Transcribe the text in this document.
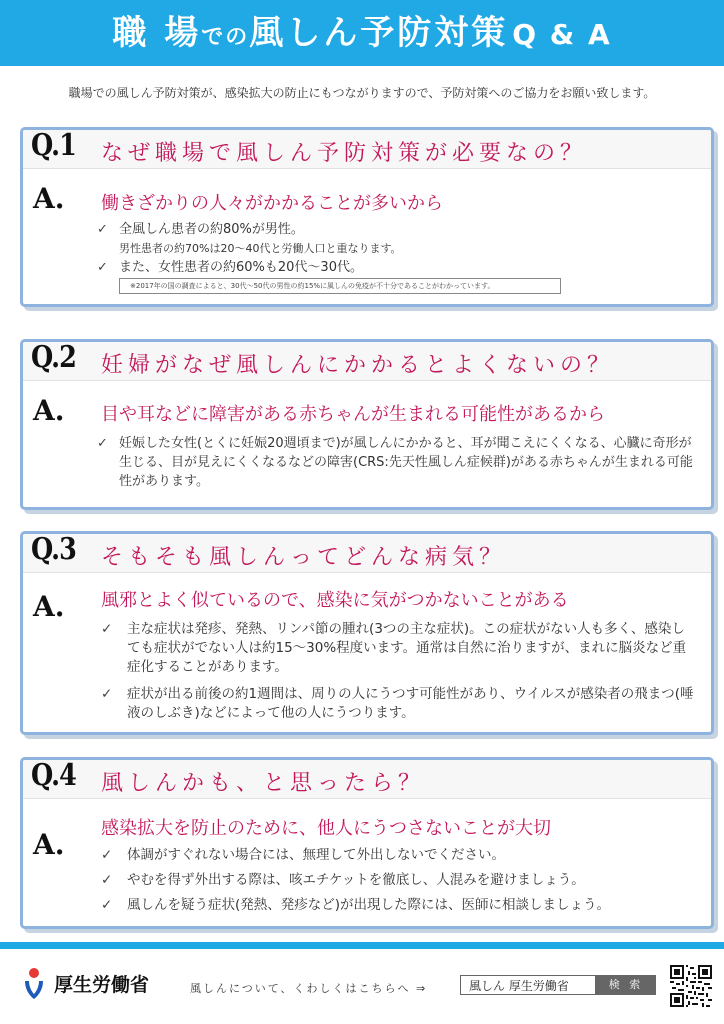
職 場での風しん予防対策 Q & A
職場での風しん予防対策が、感染拡大の防止にもつながりますので、予防対策へのご協力をお願い致します。
Q.1 なぜ職場で風しん予防対策が必要なの？
A. 働きざかりの人々がかかることが多いから
✓ 全風しん患者の約80%が男性。
男性患者の約70%は20～40代と労働人口と重なります。
✓ また、女性患者の約60%も20代～30代。
※2017年の国の調査によると、30代～50代の男性の約15%に風しんの免疫が不十分であることがわかっています。
Q.2 妊婦がなぜ風しんにかかるとよくないの？
A. 目や耳などに障害がある赤ちゃんが生まれる可能性があるから
✓ 妊娠した女性(とくに妊娠20週頃まで)が風しんにかかると、耳が聞こえにくくなる、心臓に奇形が生じる、目が見えにくくなるなどの障害(CRS:先天性風しん症候群)がある赤ちゃんが生まれる可能性があります。
Q.3 そもそも風しんってどんな病気？
A. 風邪とよく似ているので、感染に気がつかないことがある
✓ 主な症状は発疹、発熱、リンパ節の腫れ(3つの主な症状)。この症状がない人も多く、感染しても症状がでない人は約15～30%程度います。通常は自然に治りますが、まれに脳炎など重症化することがあります。
✓ 症状が出る前後の約1週間は、周りの人にうつす可能性があり、ウイルスが感染者の飛まつ(唾液のしぶき)などによって他の人にうつります。
Q.4 風しんかも、と思ったら？
A. 感染拡大を防止のために、他人にうつさないことが大切
✓ 体調がすぐれない場合には、無理して外出しないでください。
✓ やむを得ず外出する際は、咳エチケットを徹底し、人混みを避けましょう。
✓ 風しんを疑う症状(発熱、発疹など)が出現した際には、医師に相談しましょう。
厚生労働省	風しんについて、くわしくはこちらへ ⇒	風しん 厚生労働省	検 索
